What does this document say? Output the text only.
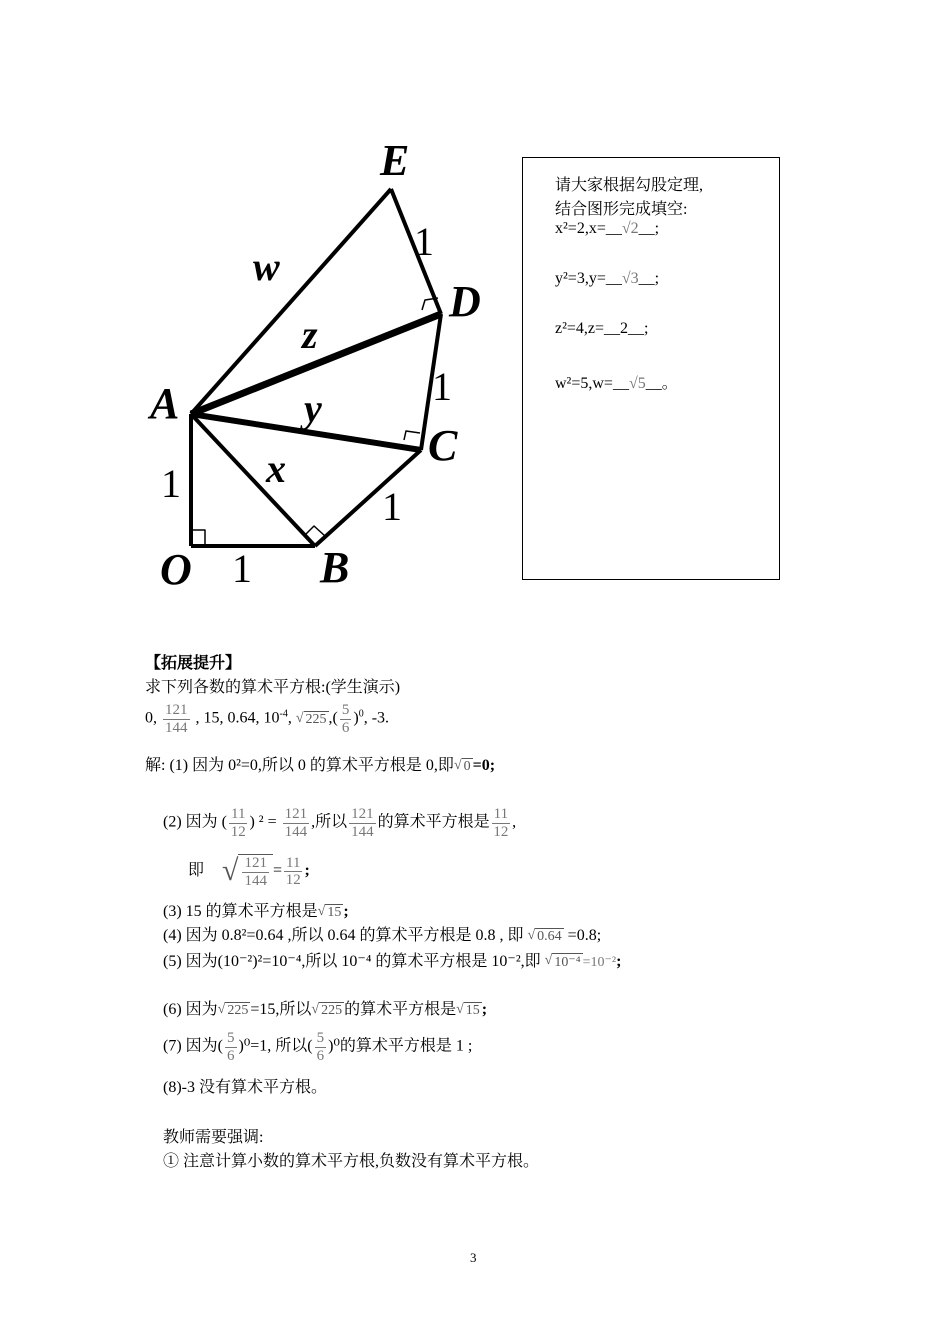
E
D
A
C
O	B
1
1
1
1
1
w
z
y
x
请大家根据勾股定理,
结合图形完成填空:
x²=2,x=__√2__;
y²=3,y=__√3__;
z²=4,z=__2__;
w²=5,w=__√5__。
【拓展提升】
求下列各数的算术平方根:(学生演示)
0, $\frac{121}{144}$ , 15, 0.64, $10^{-4}$, √ 225 ,( $\frac{5}{6} )^0$, -3.
解: (1) 因为 0²=0,所以 0 的算术平方根是 0,即 √ 0 =0;
(2) 因为 ( $\frac{11}{12}$ ) $^2 = \frac{121}{144}$ ,所以 $\frac{121}{144}$ 的算术平方根是 $\frac{11}{12}$ ,
即 √ $\frac{121}{144} = \frac{11}{12}$ ;
(3) 15 的算术平方根是 √ 15 ;
(4) 因为 0.8²=0.64 ,所以 0.64 的算术平方根是 0.8 , 即 √ 0.64 =0.8;
(5) 因为(10⁻²)²=10⁻⁴,所以 10⁻⁴ 的算术平方根是 10⁻²,即 √ 10⁻⁴ =10⁻²;
(6) 因为 √ 225 =15,所以 √ 225 的算术平方根是 √ 15 ;
(7) 因为( $\frac{5}{6} )^0=1$, 所以( $\frac{5}{6} )^0$的算术平方根是 1 ;
(8)-3 没有算术平方根。
教师需要强调:
① 注意计算小数的算术平方根,负数没有算术平方根。
3
